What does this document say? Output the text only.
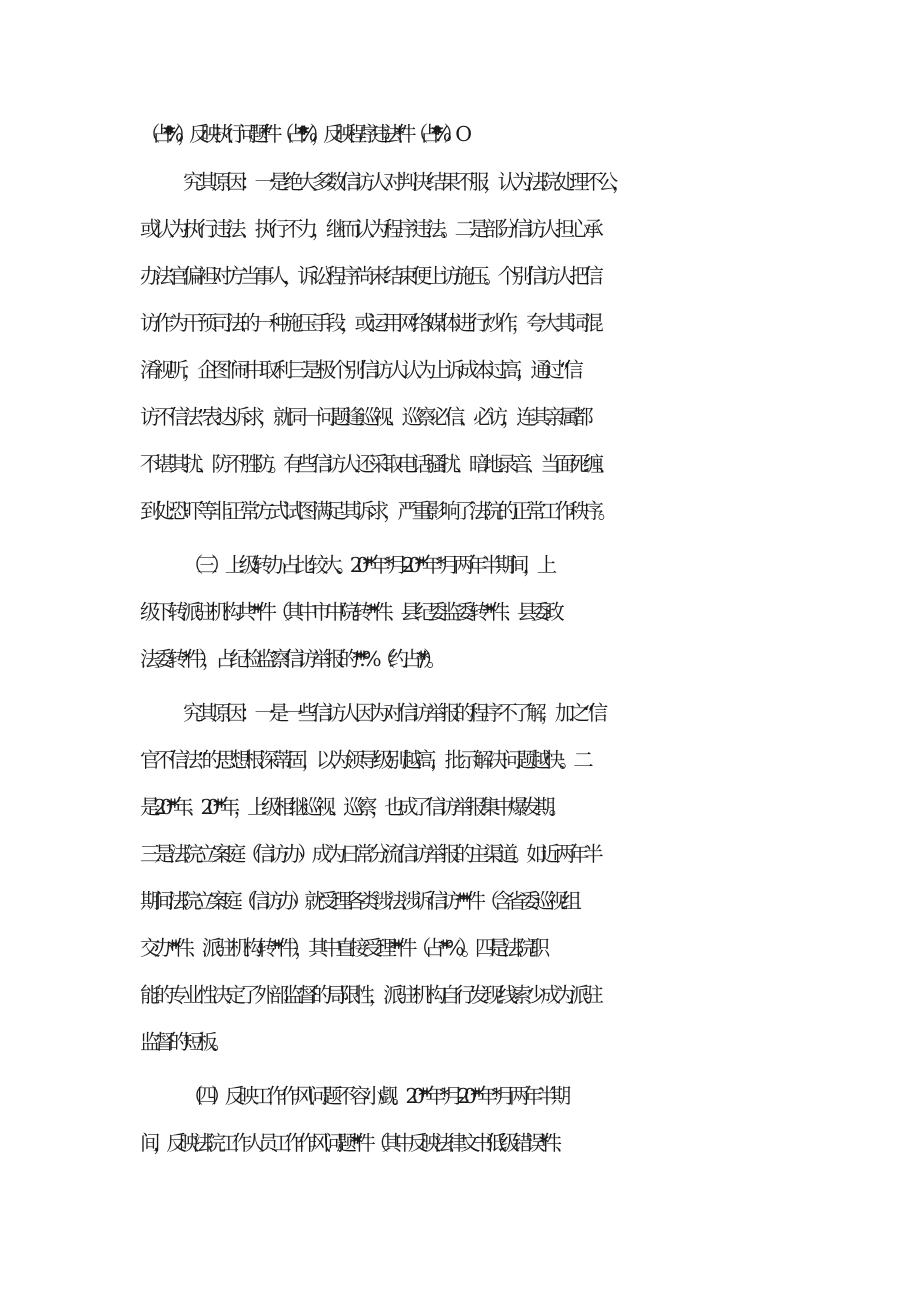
（占**. *%），反映执行问题*件（占**. *%），反映程序违法*件（占**. *%）O
究其原因：一是绝大多数信访人对判决结果不服，认为法院处理不公，
或认为执行违法、执行不力，继而认为程序违法。二是部分信访人担心承
办法官偏袒对方当事人，诉讼程序尚未结束便上访施压。个别信访人把信
访作为干预司法的一种施压手段，或运用网络媒体进行炒作，夸大其词混
淆视听，企图“闹中取利三是极个别信访人认为上诉成本过高，通过“信
访不信法”表达诉求，就同一问题逢巡视、巡察必信、必访，连其亲属都
不堪其扰、防不胜防。有些信访人还采取电话骚扰、暗地录音、当面死缠、
到处恐吓等非正常方式试图满足其诉求，严重影响了法院的正常工作秩序。
（三）上级转办占比较大。20**年*月-20**年*月两年半期间，上
级下转派驻机构共**件（其中市中院转**件、县纪委监委转**件、县委政
法委转*件），占纪检监察信访举报的**. *%（约占*/*）。
究其原因：一是一些信访人因为对信访举报的程序不了解，加之“信
官不信法”的思想根深蒂固，以为领导级别越高，批示解决问题越快。二
是20**年、20**年，上级相继巡视、巡察，也成了信访举报集中爆发期。
三是法院立案庭（信访办）成为日常分流信访举报的主渠道。如近两年半
期间法院立案庭（信访办）就受理各类涉法涉诉信访***件（含省委巡视组
交办**件、派驻机构转**件），其中直接受理**件（占**%）。四是法院职
能的专业性决定了外部监督的局限性，派驻机构自行发现线索少成为派驻
监督的短板。
（四）反映工作作风问题不容小觑。20**年*月-20**年*月两年半期
间，反映法院工作人员工作作风问题**件（其中反映法律文书低级错误*件、
